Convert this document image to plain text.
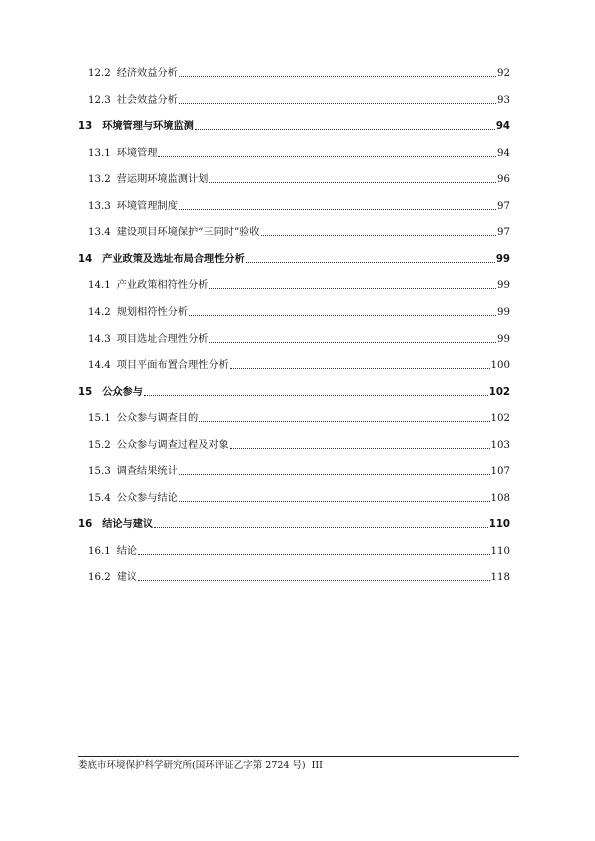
12.2 经济效益分析	92
12.3 社会效益分析	93
13 环境管理与环境监测	94
13.1 环境管理	94
13.2 营运期环境监测计划	96
13.3 环境管理制度	97
13.4 建设项目环境保护“三同时”验收	97
14 产业政策及选址布局合理性分析	99
14.1 产业政策相符性分析	99
14.2 规划相符性分析	99
14.3 项目选址合理性分析	99
14.4 项目平面布置合理性分析	100
15 公众参与	102
15.1 公众参与调查目的	102
15.2 公众参与调查过程及对象	103
15.3 调查结果统计	107
15.4 公众参与结论	108
16 结论与建议	110
16.1 结论	110
16.2 建议	118
娄底市环境保护科学研究所(国环评证乙字第 2724 号) III
